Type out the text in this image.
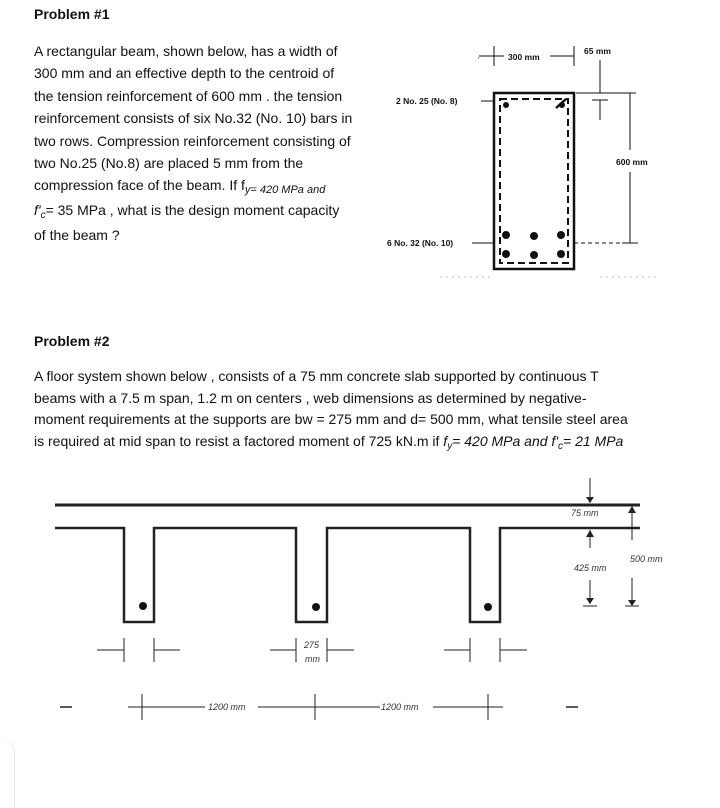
Problem #1
A rectangular beam, shown below, has a width of
300 mm and an effective depth to the centroid of
the tension reinforcement of 600 mm . the tension
reinforcement consists of six No.32 (No. 10) bars in
two rows. Compression reinforcement consisting of
two No.25 (No.8) are placed 5 mm from the
compression face of the beam. If $f_{y= 420 MPa and}$
$f'_c= 35$ MPa , what is the design moment capacity
of the beam ?
300 mm
65 mm
600 mm
2 No. 25 (No. 8)
6 No. 32 (No. 10)
Problem #2
A floor system shown below , consists of a 75 mm concrete slab supported by continuous T
beams with a 7.5 m span, 1.2 m on centers , web dimensions as determined by negative-
moment requirements at the supports are bw = 275 mm and d= 500 mm, what tensile steel area
is required at mid span to resist a factored moment of 725 kN.m if $f_y= 420$ MPa and $f'_c= 21$ MPa
75 mm
425 mm
500 mm
275
mm
1200 mm	1200 mm
